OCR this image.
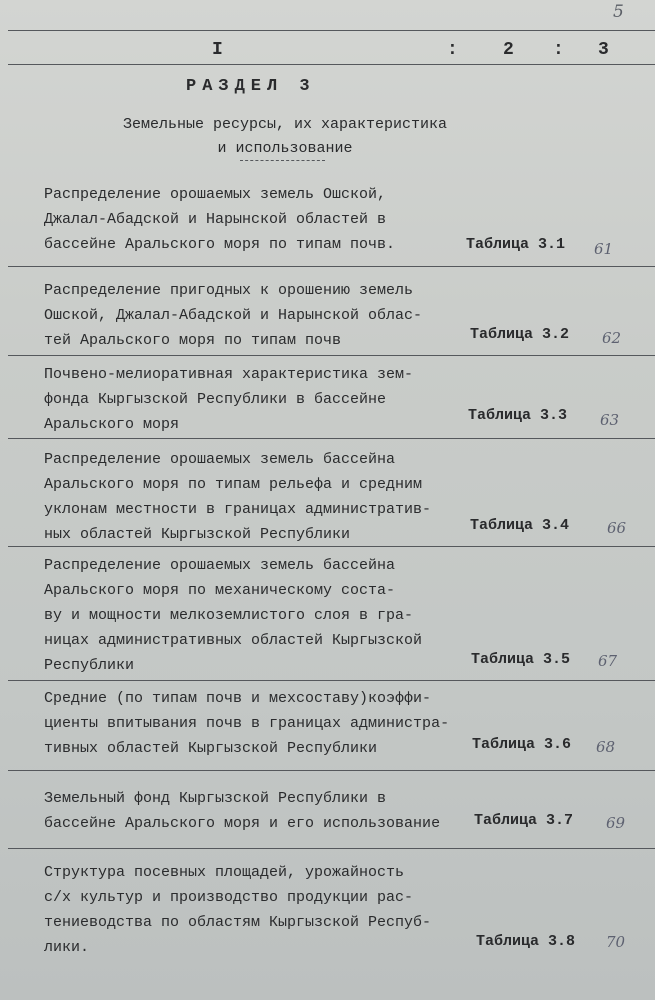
5
I	:	2 : 3
РАЗДЕЛ 3
Земельные ресурсы, их характеристика
и использование
Распределение орошаемых земель Ошской,
Джалал-Абадской и Нарынской областей в
бассейне Аральского моря по типам почв.	Таблица 3.1 61
Распределение пригодных к орошению земель
Ошской, Джалал-Абадской и Нарынской облас-
тей Аральского моря по типам почв	Таблица 3.2 62
Почвено-мелиоративная характеристика зем-
фонда Кыргызской Республики в бассейне
Аральского моря
Таблица 3.3 63
Распределение орошаемых земель бассейна
Аральского моря по типам рельефа и средним
уклонам местности в границах административ-
ных областей Кыргызской Республики
Таблица 3.4	66
Распределение орошаемых земель бассейна
Аральского моря по механическому соста-
ву и мощности мелкоземлистого слоя в гра-
ницах административных областей Кыргызской
Республики	Таблица 3.5 67
Средние (по типам почв и мехсоставу)коэффи-
циенты впитывания почв в границах администра-
тивных областей Кыргызской Республики	Таблица 3.6 68
Земельный фонд Кыргызской Республики в
бассейне Аральского моря и его использование	Таблица 3.7 69
Структура посевных площадей, урожайность
с/х культур и производство продукции рас-
тениеводства по областям Кыргызской Респуб-
лики.	Таблица 3.8 70
